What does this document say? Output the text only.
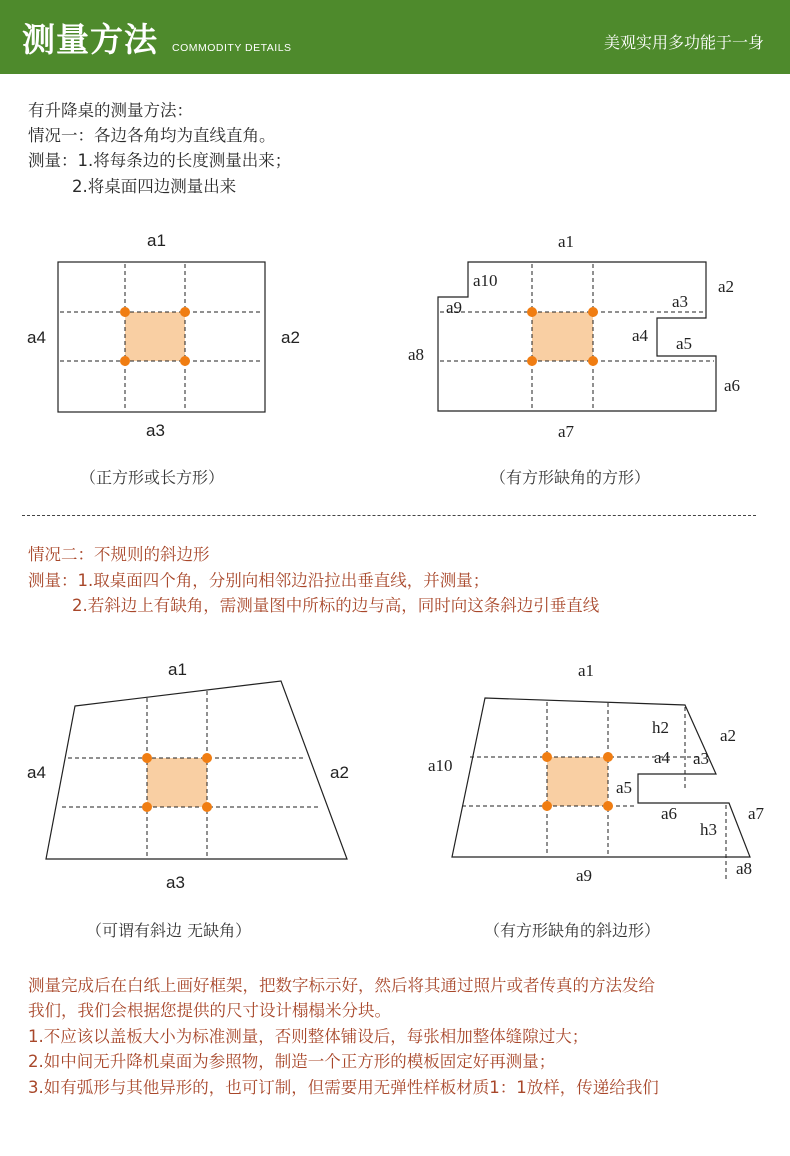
测量方法 COMMODITY DETAILS	美观实用多功能于一身
有升降桌的测量方法：
情况一：各边各角均为直线直角。
测量：1.将每条边的长度测量出来；
2.将桌面四边测量出来
a1
a2
a3
a4
（正方形或长方形）
a1
a2
a3
a4 a5
a6
a7
a8
a9
a10
（有方形缺角的方形）
情况二：不规则的斜边形
测量：1.取桌面四个角，分别向相邻边沿拉出垂直线，并测量；
2.若斜边上有缺角，需测量图中所标的边与高，同时向这条斜边引垂直线
a1
a2
a3
a4
（可谓有斜边 无缺角）
a1
a2
a3
a4
a5
a6	a7
a8
a9
a10
h2
h3
（有方形缺角的斜边形）
测量完成后在白纸上画好框架，把数字标示好，然后将其通过照片或者传真的方法发给
我们，我们会根据您提供的尺寸设计榻榻米分块。
1.不应该以盖板大小为标准测量，否则整体铺设后，每张相加整体缝隙过大；
2.如中间无升降机桌面为参照物，制造一个正方形的模板固定好再测量；
3.如有弧形与其他异形的，也可订制，但需要用无弹性样板材质1：1放样，传递给我们
